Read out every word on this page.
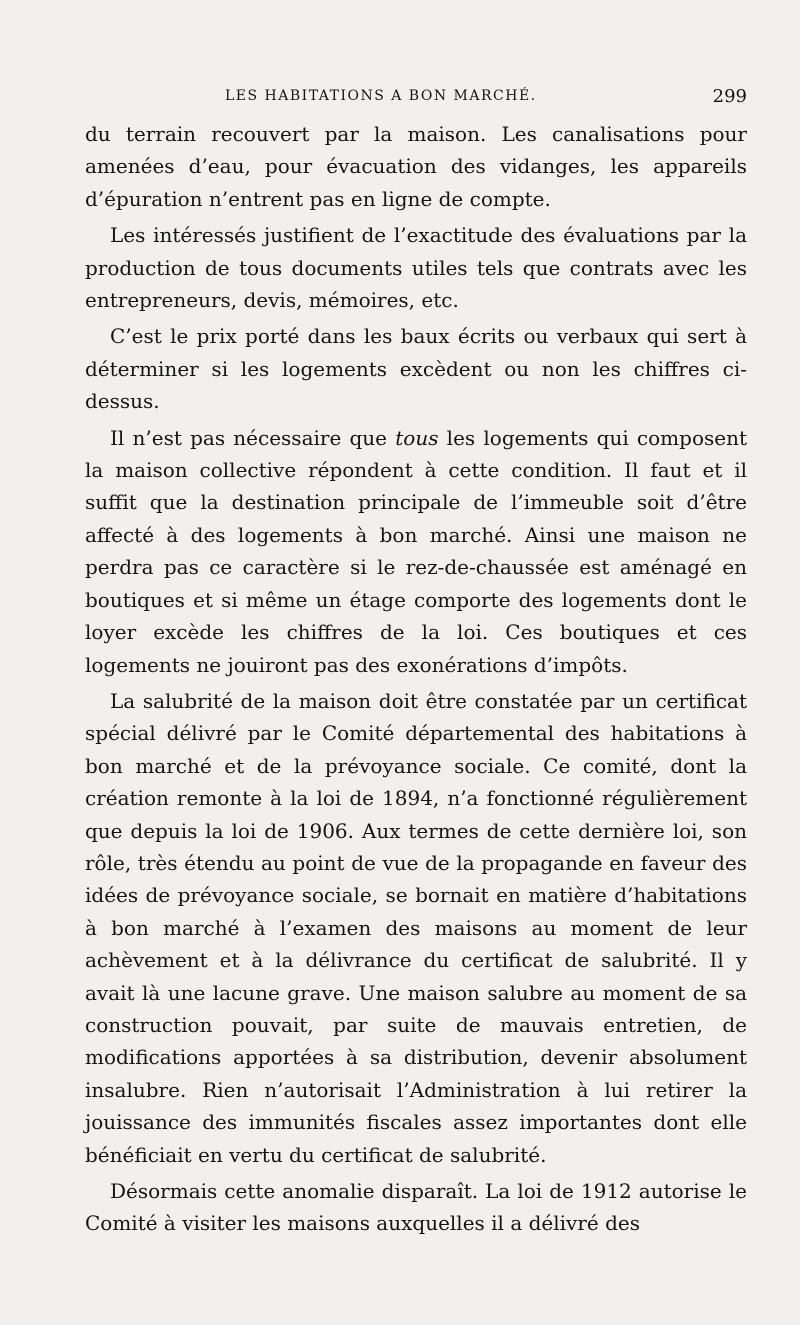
LES HABITATIONS A BON MARCHÉ.	299

du terrain recouvert par la maison. Les canalisations pour amenées d’eau, pour évacuation des vidanges, les appareils d’épuration n’entrent pas en ligne de compte.

Les intéressés justifient de l’exactitude des évaluations par la production de tous documents utiles tels que contrats avec les entrepreneurs, devis, mémoires, etc.

C’est le prix porté dans les baux écrits ou verbaux qui sert à déterminer si les logements excèdent ou non les chiffres ci-dessus.

Il n’est pas nécessaire que tous les logements qui composent la maison collective répondent à cette condition. Il faut et il suffit que la destination principale de l’immeuble soit d’être affecté à des logements à bon marché. Ainsi une maison ne perdra pas ce caractère si le rez-de-chaussée est aménagé en boutiques et si même un étage comporte des logements dont le loyer excède les chiffres de la loi. Ces boutiques et ces logements ne jouiront pas des exonérations d’impôts.

La salubrité de la maison doit être constatée par un certificat spécial délivré par le Comité départemental des habitations à bon marché et de la prévoyance sociale. Ce comité, dont la création remonte à la loi de 1894, n’a fonctionné régulièrement que depuis la loi de 1906. Aux termes de cette dernière loi, son rôle, très étendu au point de vue de la propagande en faveur des idées de prévoyance sociale, se bornait en matière d’habitations à bon marché à l’examen des maisons au moment de leur achèvement et à la délivrance du certificat de salubrité. Il y avait là une lacune grave. Une maison salubre au moment de sa construction pouvait, par suite de mauvais entretien, de modifications apportées à sa distribution, devenir absolument insalubre. Rien n’autorisait l’Administration à lui retirer la jouissance des immunités fiscales assez importantes dont elle bénéficiait en vertu du certificat de salubrité.

Désormais cette anomalie disparaît. La loi de 1912 autorise le Comité à visiter les maisons auxquelles il a délivré des
